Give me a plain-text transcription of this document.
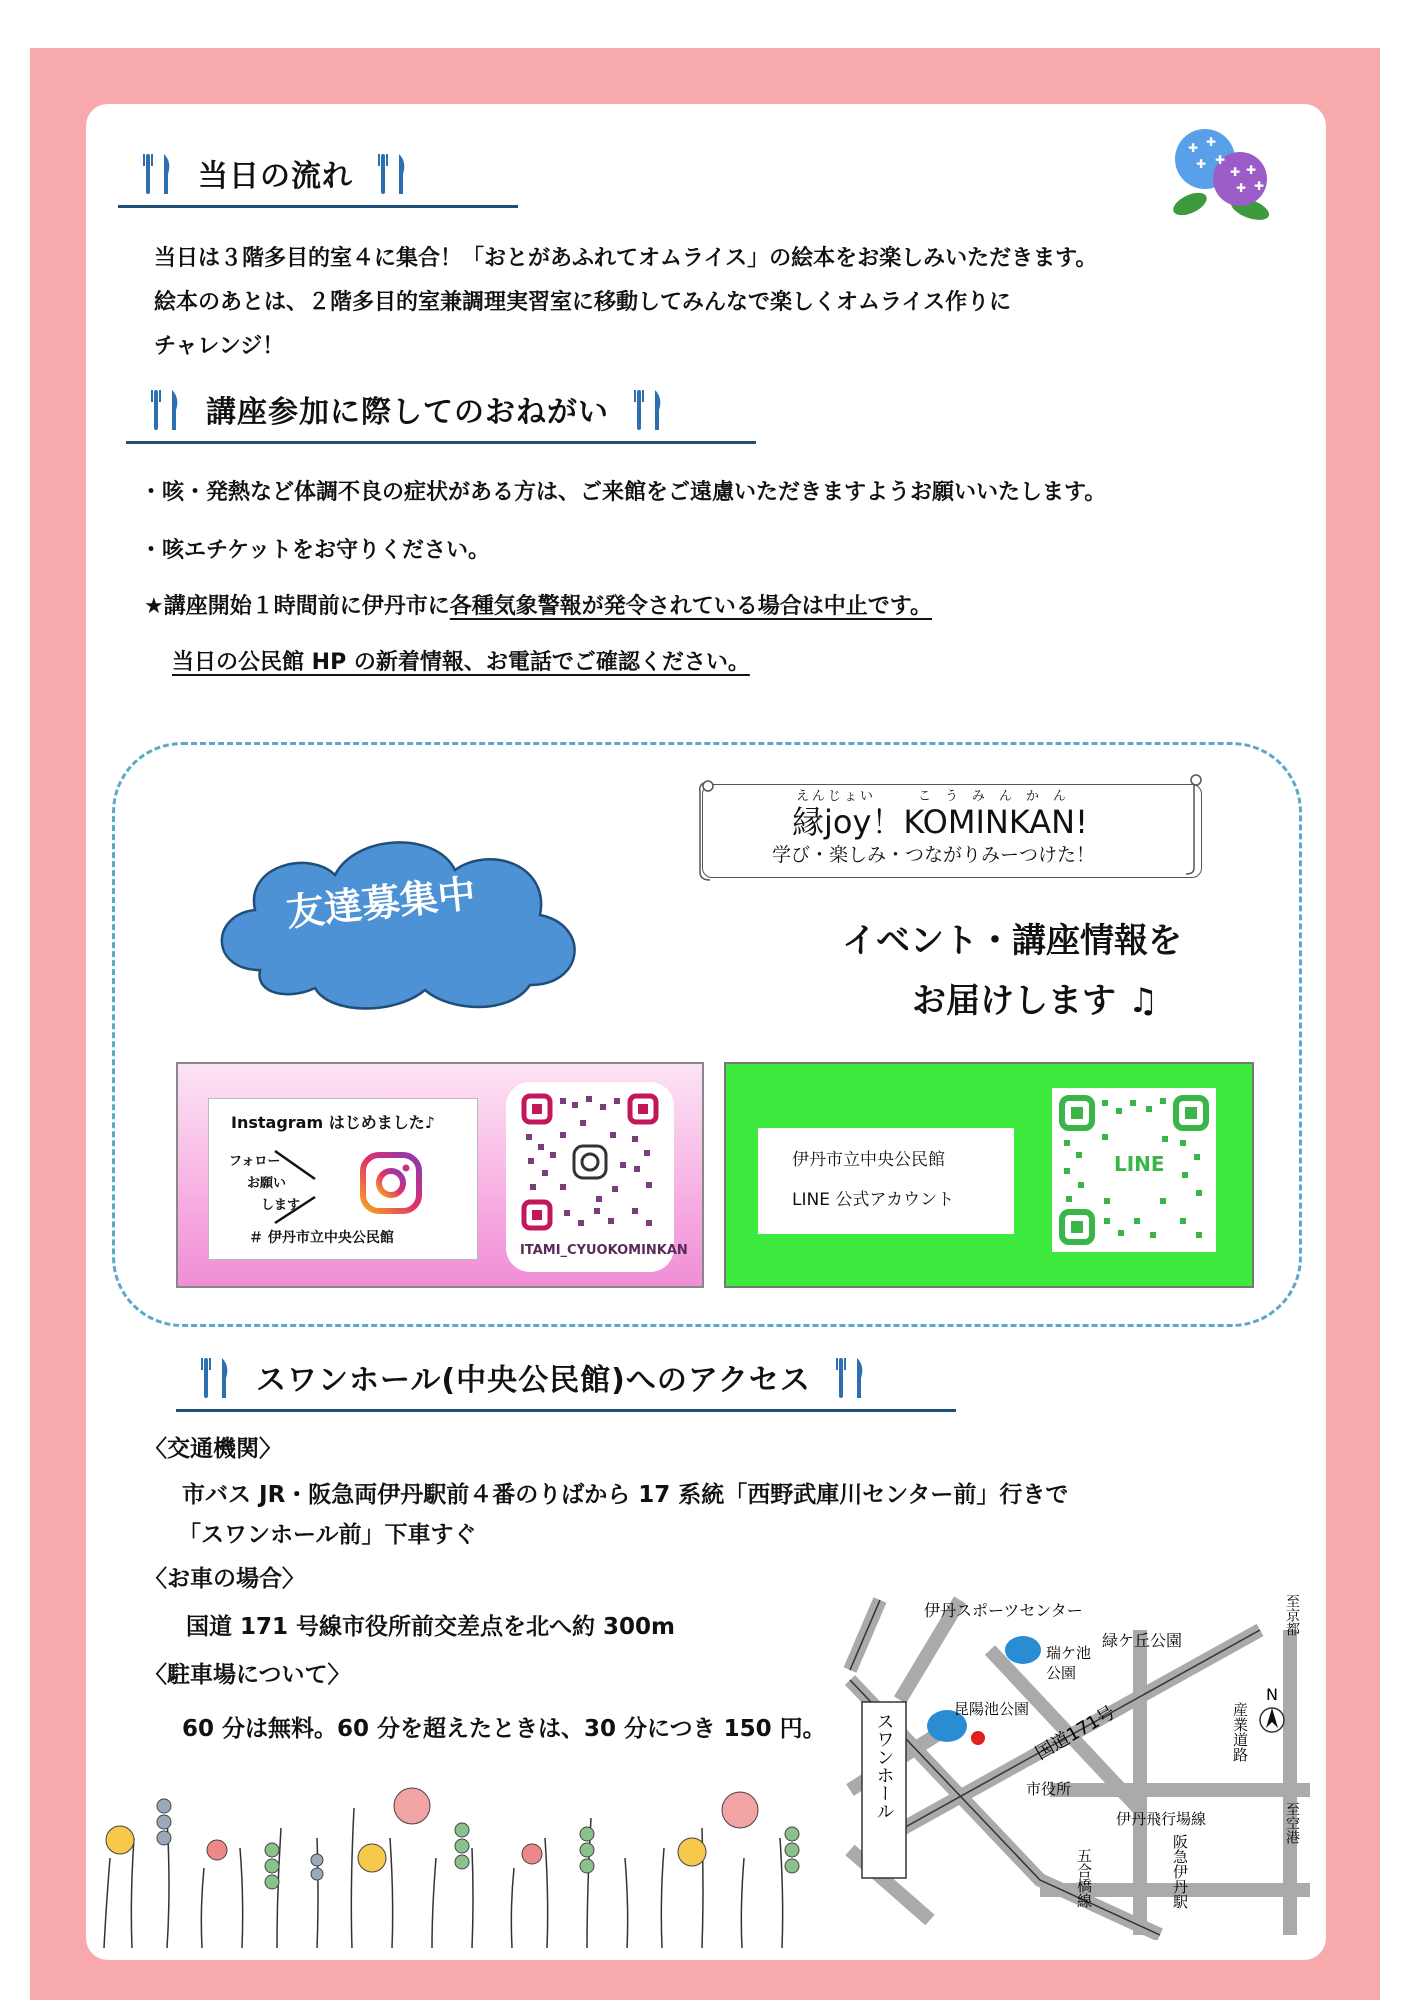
✚ ✚
✚ ✚
✚ ✚
✚ ✚
当日の流れ
当日は３階多目的室４に集合！「おとがあふれてオムライス」の絵本をお楽しみいただきます。
絵本のあとは、２階多目的室兼調理実習室に移動してみんなで楽しくオムライス作りに
チャレンジ！
講座参加に際してのおねがい
・咳・発熱など体調不良の症状がある方は、ご来館をご遠慮いただきますようお願いいたします。
・咳エチケットをお守りください。
★講座開始１時間前に伊丹市に各種気象警報が発令されている場合は中止です。
当日の公民館 HP の新着情報、お電話でご確認ください。
友達募集中
えんじょい	こうみんかん
縁joy！KOMINKAN!
学び・楽しみ・つながりみーつけた！
イベント・講座情報を
お届けします ♫
Instagram はじめました♪
フォロー
お願い
します
＃ 伊丹市立中央公民館
ITAMI_CYUOKOMINKAN
伊丹市立中央公民館
LINE 公式アカウント
LINE
スワンホール(中央公民館)へのアクセス
〈交通機関〉
市バス JR・阪急両伊丹駅前４番のりばから 17 系統「西野武庫川センター前」行きで
「スワンホール前」下車すぐ
〈お車の場合〉
国道 171 号線市役所前交差点を北へ約 300m
〈駐車場について〉
60 分は無料。60 分を超えたときは、30 分につき 150 円。	スワンホール
伊丹スポーツセンター
緑ケ丘公園
瑞ケ池
公園
昆陽池公園 国道171号
市役所
伊丹飛行場線
産業道路
至京都
至空港
五合橋線	阪急伊丹駅
N
